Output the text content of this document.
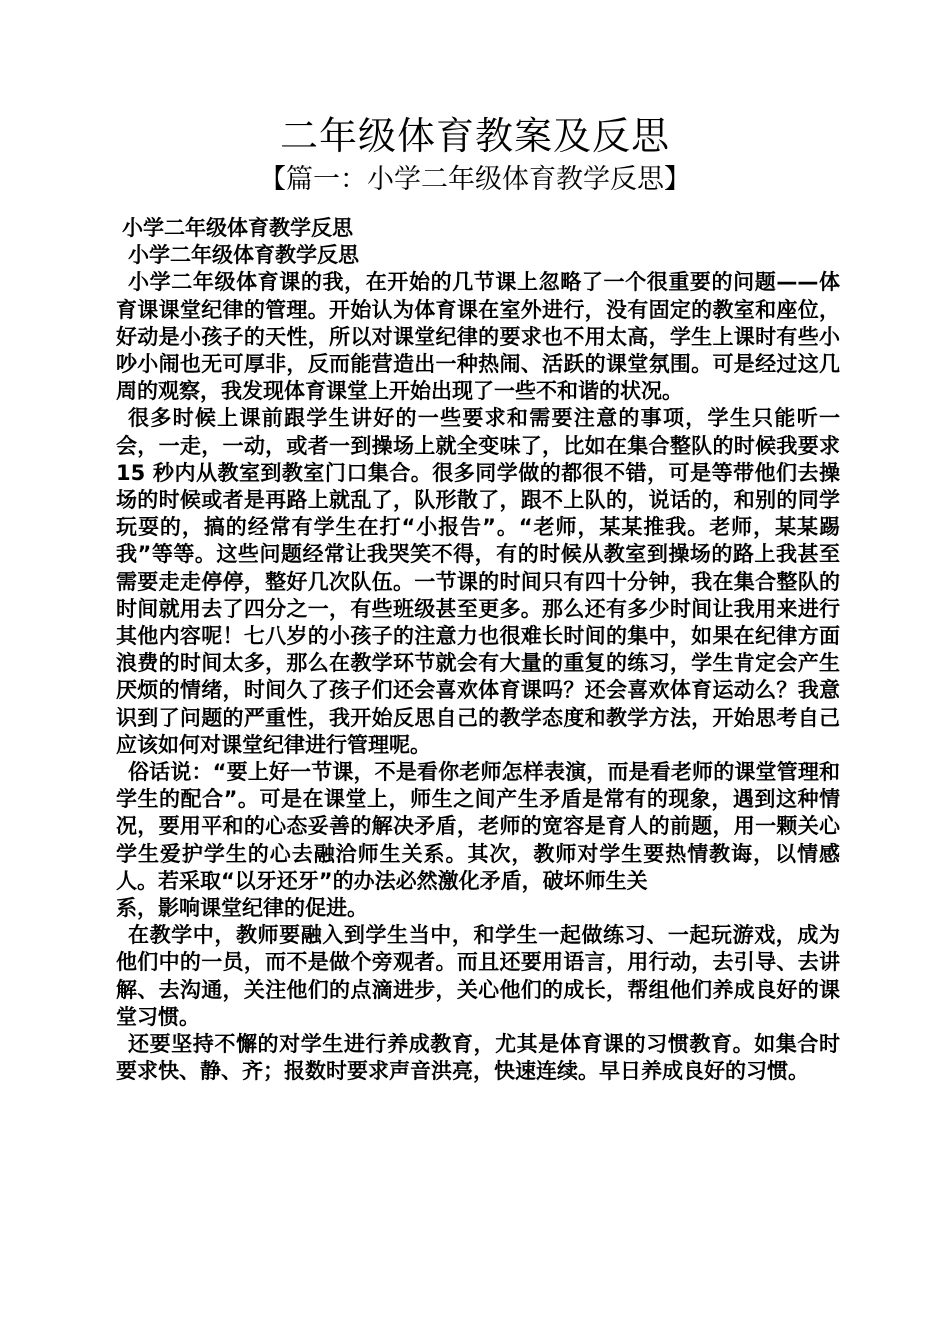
二年级体育教案及反思
【篇一：小学二年级体育教学反思】

小学二年级体育教学反思

小学二年级体育教学反思

小学二年级体育课的我，在开始的几节课上忽略了一个很重要的问题——体育课课堂纪律的管理。开始认为体育课在室外进行，没有固定的教室和座位，好动是小孩子的天性，所以对课堂纪律的要求也不用太高，学生上课时有些小吵小闹也无可厚非，反而能营造出一种热闹、活跃的课堂氛围。可是经过这几周的观察，我发现体育课堂上开始出现了一些不和谐的状况。

很多时候上课前跟学生讲好的一些要求和需要注意的事项，学生只能听一会，一走，一动，或者一到操场上就全变味了，比如在集合整队的时候我要求 15 秒内从教室到教室门口集合。很多同学做的都很不错，可是等带他们去操场的时候或者是再路上就乱了，队形散了，跟不上队的，说话的，和别的同学玩耍的，搞的经常有学生在打“小报告”。“老师，某某推我。老师，某某踢我”等等。这些问题经常让我哭笑不得，有的时候从教室到操场的路上我甚至需要走走停停，整好几次队伍。一节课的时间只有四十分钟，我在集合整队的时间就用去了四分之一，有些班级甚至更多。那么还有多少时间让我用来进行其他内容呢！七八岁的小孩子的注意力也很难长时间的集中，如果在纪律方面浪费的时间太多，那么在教学环节就会有大量的重复的练习，学生肯定会产生厌烦的情绪，时间久了孩子们还会喜欢体育课吗？还会喜欢体育运动么？我意识到了问题的严重性，我开始反思自己的教学态度和教学方法，开始思考自己应该如何对课堂纪律进行管理呢。

俗话说：“要上好一节课，不是看你老师怎样表演，而是看老师的课堂管理和学生的配合”。可是在课堂上，师生之间产生矛盾是常有的现象，遇到这种情况，要用平和的心态妥善的解决矛盾，老师的宽容是育人的前题，用一颗关心学生爱护学生的心去融洽师生关系。其次，教师对学生要热情教诲，以情感人。若采取“以牙还牙”的办法必然激化矛盾，破坏师生关

系，影响课堂纪律的促进。

在教学中，教师要融入到学生当中，和学生一起做练习、一起玩游戏，成为他们中的一员，而不是做个旁观者。而且还要用语言，用行动，去引导、去讲解、去沟通，关注他们的点滴进步，关心他们的成长，帮组他们养成良好的课堂习惯。

还要坚持不懈的对学生进行养成教育，尤其是体育课的习惯教育。如集合时要求快、静、齐；报数时要求声音洪亮，快速连续。早日养成良好的习惯。
